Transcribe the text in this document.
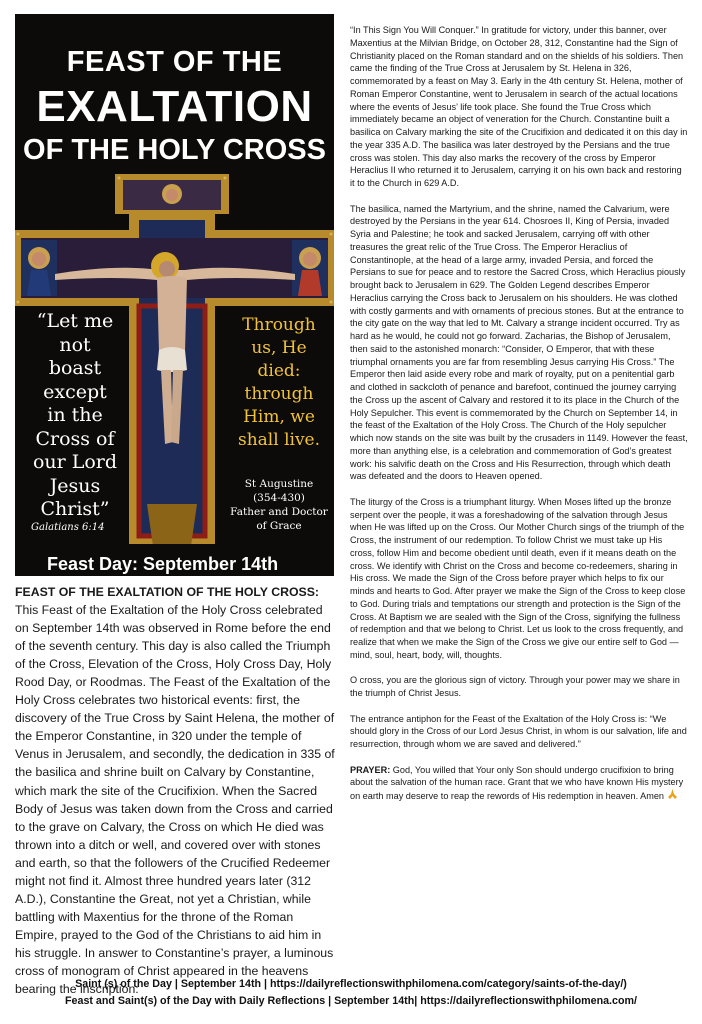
FEAST OF THE
EXALTATION
OF THE HOLY CROSS
“Let me
not
boast
except
in the
Cross of
our Lord
Jesus
Christ”
Galatians 6:14
Through
us, He
died:
through
Him, we
shall live.
St Augustine
(354-430)
Father and Doctor
of Grace
Feast Day: September 14th
FEAST OF THE EXALTATION OF THE HOLY CROSS: This Feast of the Exaltation of the Holy Cross celebrated on September 14th was observed in Rome before the end of the seventh century. This day is also called the Triumph of the Cross, Elevation of the Cross, Holy Cross Day, Holy Rood Day, or Roodmas. The Feast of the Exaltation of the Holy Cross celebrates two historical events: first, the discovery of the True Cross by Saint Helena, the mother of the Emperor Constantine, in 320 under the temple of Venus in Jerusalem, and secondly, the dedication in 335 of the basilica and shrine built on Calvary by Constantine, which mark the site of the Crucifixion. When the Sacred Body of Jesus was taken down from the Cross and carried to the grave on Calvary, the Cross on which He died was thrown into a ditch or well, and covered over with stones and earth, so that the followers of the Crucified Redeemer might not find it. Almost three hundred years later (312 A.D.), Constantine the Great, not yet a Christian, while battling with Maxentius for the throne of the Roman Empire, prayed to the God of the Christians to aid him in his struggle. In answer to Constantine’s prayer, a luminous cross of monogram of Christ appeared in the heavens bearing the inscription:

“In This Sign You Will Conquer.” In gratitude for victory, under this banner, over Maxentius at the Milvian Bridge, on October 28, 312, Constantine had the Sign of Christianity placed on the Roman standard and on the shields of his soldiers. Then came the finding of the True Cross at Jerusalem by St. Helena in 326, commemorated by a feast on May 3. Early in the 4th century St. Helena, mother of Roman Emperor Constantine, went to Jerusalem in search of the actual locations where the events of Jesus’ life took place. She found the True Cross which immediately became an object of veneration for the Church. Constantine built a basilica on Calvary marking the site of the Crucifixion and dedicated it on this day in the year 335 A.D. The basilica was later destroyed by the Persians and the true cross was stolen. This day also marks the recovery of the cross by Emperor Heraclius II who returned it to Jerusalem, carrying it on his own back and restoring it to the Church in 629 A.D.

The basilica, named the Martyrium, and the shrine, named the Calvarium, were destroyed by the Persians in the year 614. Chosroes II, King of Persia, invaded Syria and Palestine; he took and sacked Jerusalem, carrying off with other treasures the great relic of the True Cross. The Emperor Heraclius of Constantinople, at the head of a large army, invaded Persia, and forced the Persians to sue for peace and to restore the Sacred Cross, which Heraclius piously brought back to Jerusalem in 629. The Golden Legend describes Emperor Heraclius carrying the Cross back to Jerusalem on his shoulders. He was clothed with costly garments and with ornaments of precious stones. But at the entrance to the city gate on the way that led to Mt. Calvary a strange incident occurred. Try as hard as he would, he could not go forward. Zacharias, the Bishop of Jerusalem, then said to the astonished monarch: “Consider, O Emperor, that with these triumphal ornaments you are far from resembling Jesus carrying His Cross.” The Emperor then laid aside every robe and mark of royalty, put on a penitential garb and clothed in sackcloth of penance and barefoot, continued the journey carrying the Cross up the ascent of Calvary and restored it to its place in the Church of the Holy Sepulcher. This event is commemorated by the Church on September 14, in the feast of the Exaltation of the Holy Cross. The Church of the Holy sepulcher which now stands on the site was built by the crusaders in 1149. However the feast, more than anything else, is a celebration and commemoration of God’s greatest work: his salvific death on the Cross and His Resurrection, through which death was defeated and the doors to Heaven opened.

The liturgy of the Cross is a triumphant liturgy. When Moses lifted up the bronze serpent over the people, it was a foreshadowing of the salvation through Jesus when He was lifted up on the Cross. Our Mother Church sings of the triumph of the Cross, the instrument of our redemption. To follow Christ we must take up His cross, follow Him and become obedient until death, even if it means death on the cross. We identify with Christ on the Cross and become co-redeemers, sharing in His cross. We made the Sign of the Cross before prayer which helps to fix our minds and hearts to God. After prayer we make the Sign of the Cross to keep close to God. During trials and temptations our strength and protection is the Sign of the Cross. At Baptism we are sealed with the Sign of the Cross, signifying the fullness of redemption and that we belong to Christ. Let us look to the cross frequently, and realize that when we make the Sign of the Cross we give our entire self to God — mind, soul, heart, body, will, thoughts.

O cross, you are the glorious sign of victory. Through your power may we share in the triumph of Christ Jesus.

The entrance antiphon for the Feast of the Exaltation of the Holy Cross is: “We should glory in the Cross of our Lord Jesus Christ, in whom is our salvation, life and resurrection, through whom we are saved and delivered.”

PRAYER: God, You willed that Your only Son should undergo crucifixion to bring about the salvation of the human race. Grant that we who have known His mystery on earth may deserve to reap the rewords of His redemption in heaven. Amen

Saint (s) of the Day | September 14th | https://dailyreflectionswithphilomena.com/category/saints-of-the-day/)
Feast and Saint(s) of the Day with Daily Reflections | September 14th| https://dailyreflectionswithphilomena.com/
